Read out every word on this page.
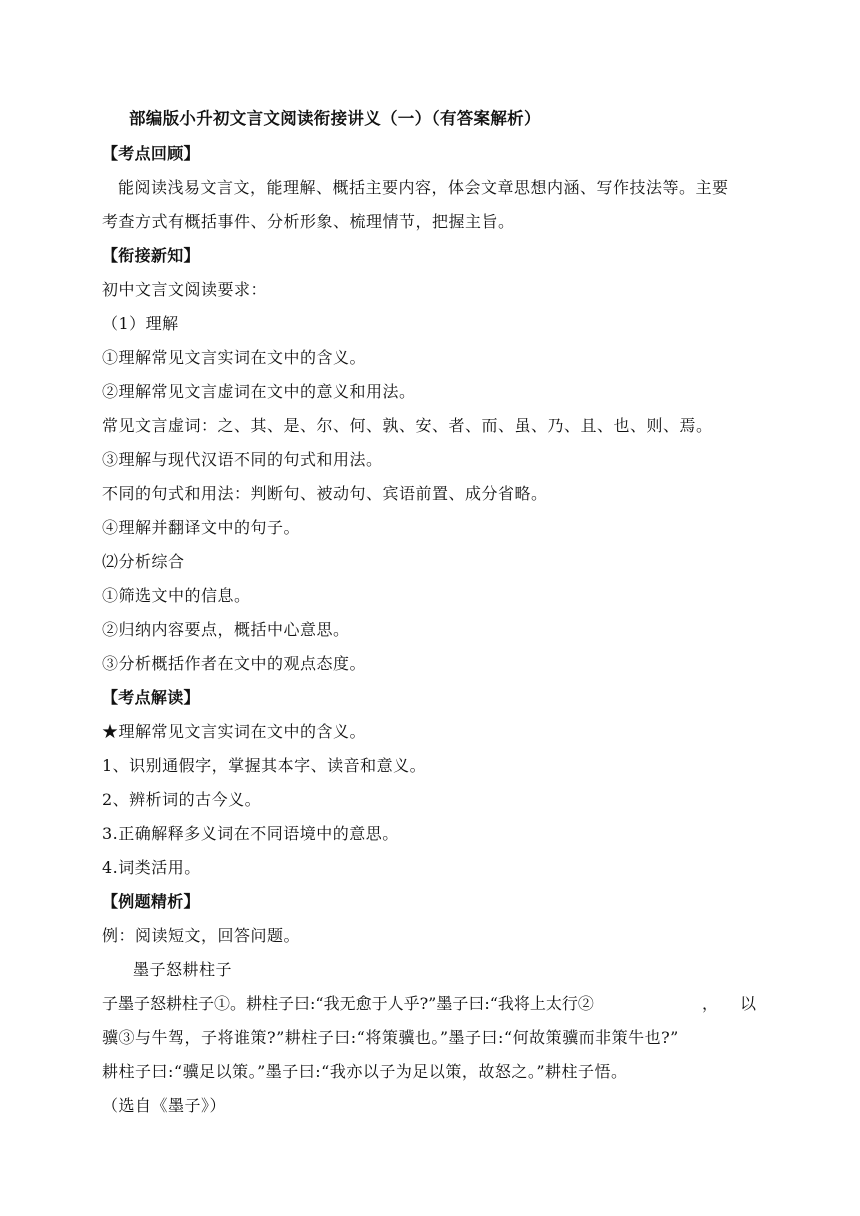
部编版小升初文言文阅读衔接讲义（一）（有答案解析）
【考点回顾】
能阅读浅易文言文，能理解、概括主要内容，体会文章思想内涵、写作技法等。主要
考查方式有概括事件、分析形象、梳理情节，把握主旨。
【衔接新知】
初中文言文阅读要求：
（1）理解
①理解常见文言实词在文中的含义。
②理解常见文言虚词在文中的意义和用法。
常见文言虚词：之、其、是、尔、何、孰、安、者、而、虽、乃、且、也、则、焉。
③理解与现代汉语不同的句式和用法。
不同的句式和用法：判断句、被动句、宾语前置、成分省略。
④理解并翻译文中的句子。
⑵分析综合
①筛选文中的信息。
②归纳内容要点，概括中心意思。
③分析概括作者在文中的观点态度。
【考点解读】
★理解常见文言实词在文中的含义。
1、识别通假字，掌握其本字、读音和意义。
2、辨析词的古今义。
3.正确解释多义词在不同语境中的意思。
4.词类活用。
【例题精析】
例：阅读短文，回答问题。
墨子怒耕柱子
子墨子怒耕柱子①。耕柱子曰:“我无愈于人乎?”墨子曰:“我将上太行②	， 以
骥③与牛驾，子将谁策?”耕柱子曰:“将策骥也。”墨子曰:“何故策骥而非策牛也?”
耕柱子曰:“骥足以策。”墨子曰:“我亦以子为足以策，故怒之。”耕柱子悟。
（选自《墨子》）
